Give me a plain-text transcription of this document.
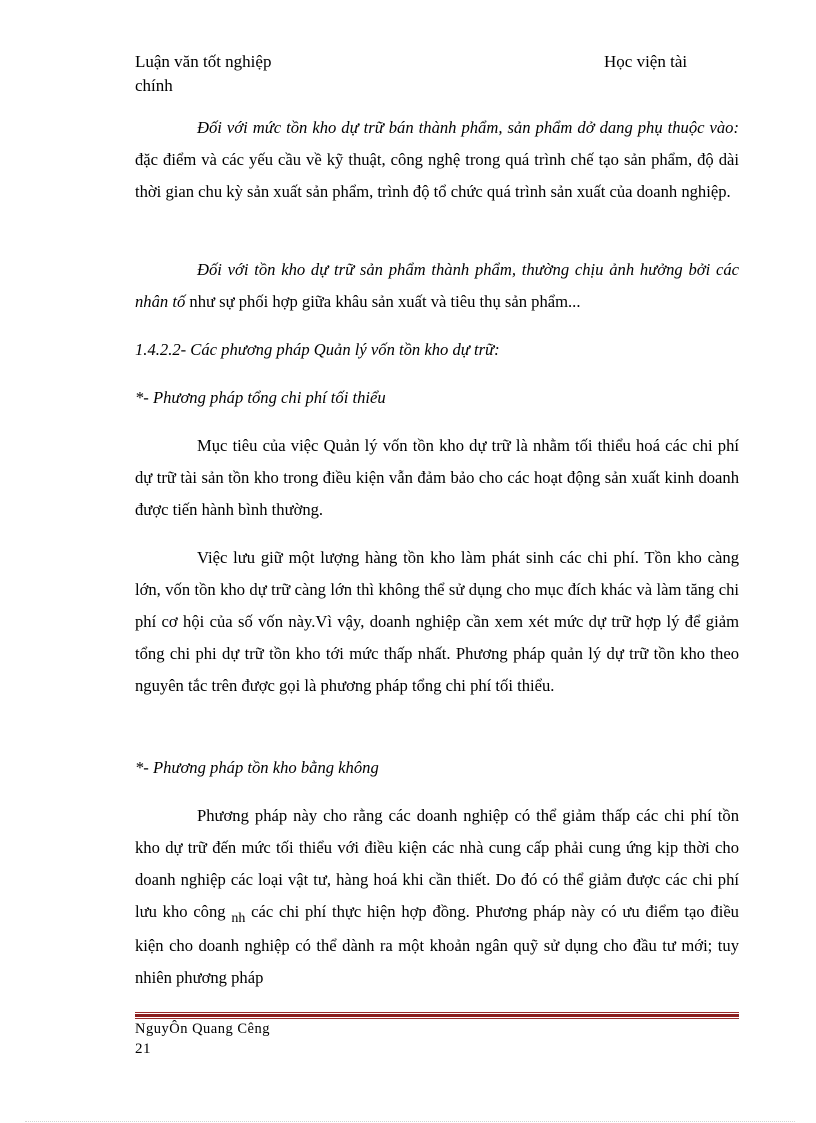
Luận văn tốt nghiệp
chính
Học viện tài
Đối với mức tồn kho dự trữ bán thành phẩm, sản phẩm dở dang phụ thuộc vào: đặc điểm và các yếu cầu về kỹ thuật, công nghệ trong quá trình chế tạo sản phẩm, độ dài thời gian chu kỳ sản xuất sản phẩm, trình độ tổ chức quá trình sản xuất của doanh nghiệp.
Đối với tồn kho dự trữ sản phẩm thành phẩm, thường chịu ảnh hưởng bởi các nhân tố như sự phối hợp giữa khâu sản xuất và tiêu thụ sản phẩm...
1.4.2.2- Các phương pháp Quản lý vốn tồn kho dự trữ:
*- Phương pháp tổng chi phí tối thiểu
Mục tiêu của việc Quản lý vốn tồn kho dự trữ là nhằm tối thiểu hoá các chi phí dự trữ tài sản tồn kho trong điều kiện vẫn đảm bảo cho các hoạt động sản xuất kinh doanh được tiến hành bình thường.
Việc lưu giữ một lượng hàng tồn kho làm phát sinh các chi phí. Tồn kho càng lớn, vốn tồn kho dự trữ càng lớn thì không thể sử dụng cho mục đích khác và làm tăng chi phí cơ hội của số vốn này.Vì vậy, doanh nghiệp cần xem xét mức dự trữ hợp lý để giảm tổng chi phi dự trữ tồn kho tới mức thấp nhất. Phương pháp quản lý dự trữ tồn kho theo nguyên tắc trên được gọi là phương pháp tổng chi phí tối thiểu.
*- Phương pháp tồn kho bằng không
Phương pháp này cho rằng các doanh nghiệp có thể giảm thấp các chi phí tồn kho dự trữ đến mức tối thiểu với điều kiện các nhà cung cấp phải cung ứng kịp thời cho doanh nghiệp các loại vật tư, hàng hoá khi cần thiết. Do đó có thể giảm được các chi phí lưu kho công $_{nh}$ các chi phí thực hiện hợp đồng. Phương pháp này có ưu điểm tạo điều kiện cho doanh nghiệp có thể dành ra một khoản ngân quỹ sử dụng cho đầu tư mới; tuy nhiên phương pháp
NguyÔn Quang Cêng
21
